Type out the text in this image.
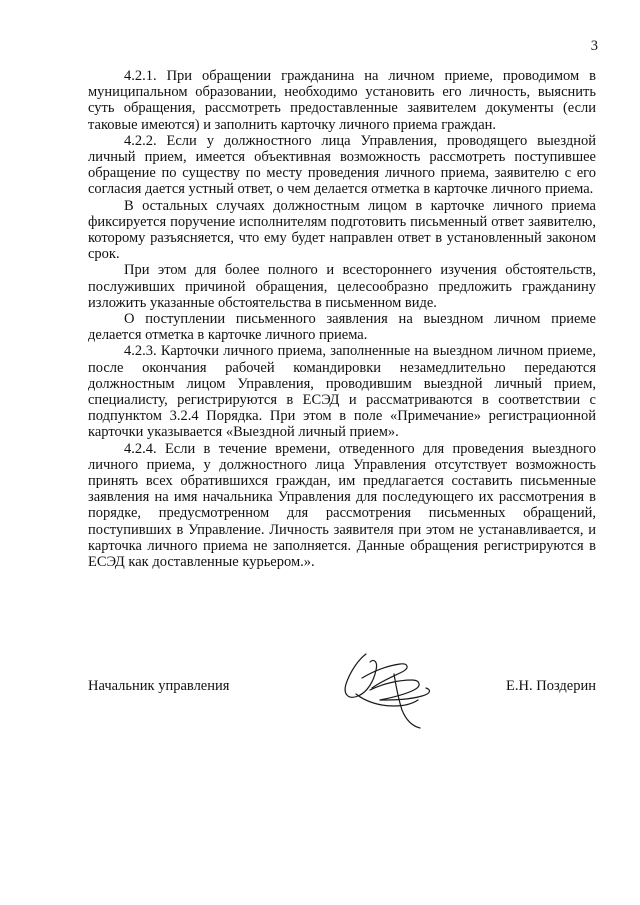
3

4.2.1. При обращении гражданина на личном приеме, проводимом в муниципальном образовании, необходимо установить его личность, выяснить суть обращения, рассмотреть предоставленные заявителем документы (если таковые имеются) и заполнить карточку личного приема граждан.

4.2.2. Если у должностного лица Управления, проводящего выездной личный прием, имеется объективная возможность рассмотреть поступившее обращение по существу по месту проведения личного приема, заявителю с его согласия дается устный ответ, о чем делается отметка в карточке личного приема.

В остальных случаях должностным лицом в карточке личного приема фиксируется поручение исполнителям подготовить письменный ответ заявителю, которому разъясняется, что ему будет направлен ответ в установленный законом срок.

При этом для более полного и всестороннего изучения обстоятельств, послуживших причиной обращения, целесообразно предложить гражданину изложить указанные обстоятельства в письменном виде.

О поступлении письменного заявления на выездном личном приеме делается отметка в карточке личного приема.

4.2.3. Карточки личного приема, заполненные на выездном личном приеме, после окончания рабочей командировки незамедлительно передаются должностным лицом Управления, проводившим выездной личный прием, специалисту, регистрируются в ЕСЭД и рассматриваются в соответствии с подпунктом 3.2.4 Порядка. При этом в поле «Примечание» регистрационной карточки указывается «Выездной личный прием».

4.2.4. Если в течение времени, отведенного для проведения выездного личного приема, у должностного лица Управления отсутствует возможность принять всех обратившихся граждан, им предлагается составить письменные заявления на имя начальника Управления для последующего их рассмотрения в порядке, предусмотренном для рассмотрения письменных обращений, поступивших в Управление. Личность заявителя при этом не устанавливается, и карточка личного приема не заполняется. Данные обращения регистрируются в ЕСЭД как доставленные курьером.».

Начальник управления	Е.Н. Поздерин
